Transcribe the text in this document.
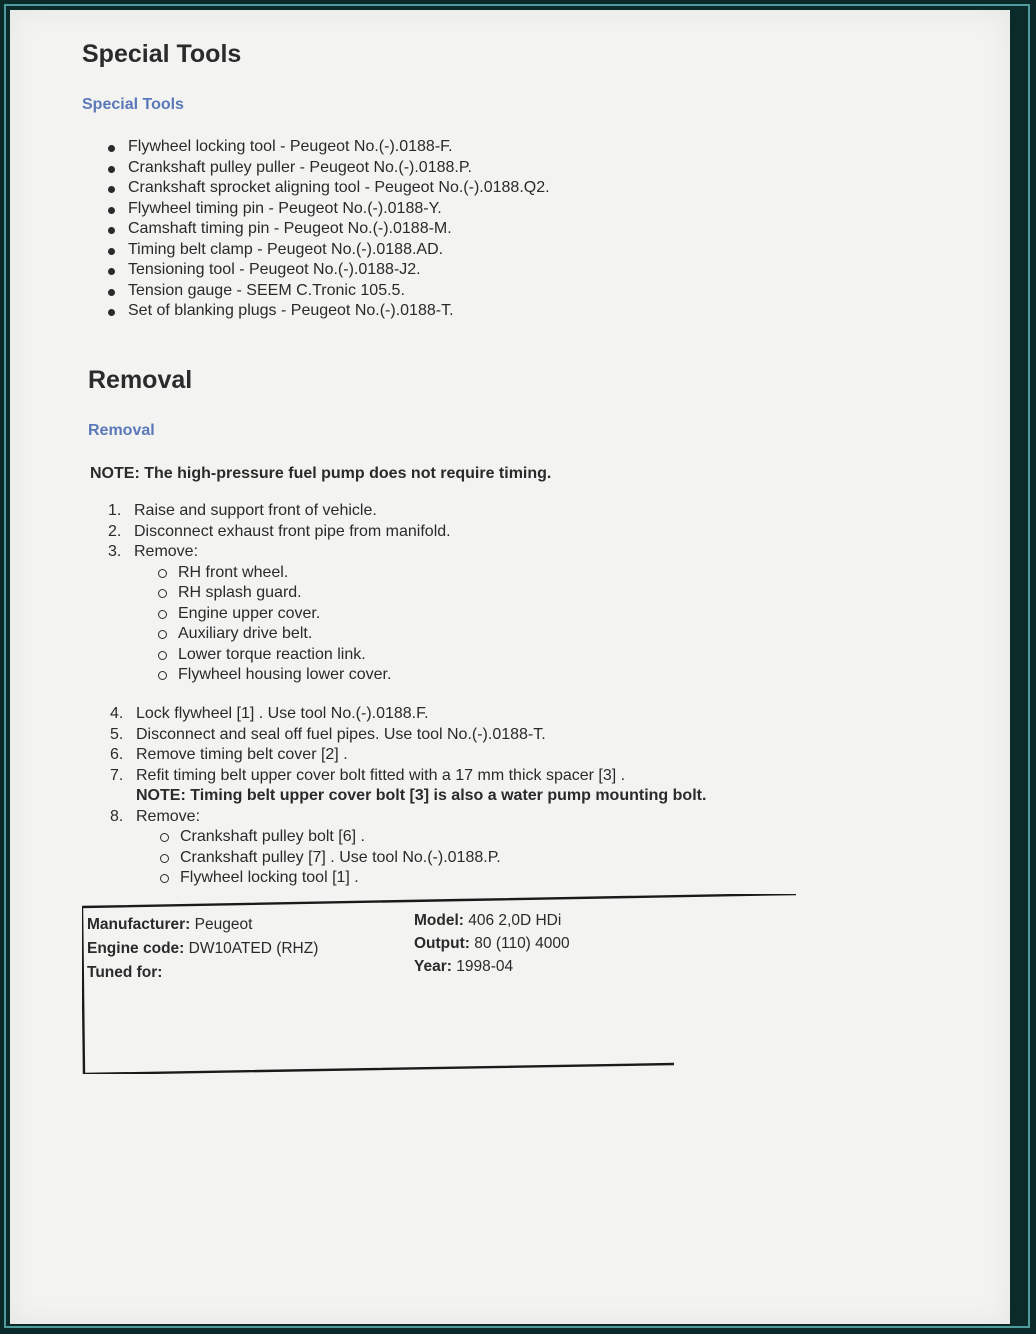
Special Tools
Special Tools
Flywheel locking tool - Peugeot No.(-).0188-F.
Crankshaft pulley puller - Peugeot No.(-).0188.P.
Crankshaft sprocket aligning tool - Peugeot No.(-).0188.Q2.
Flywheel timing pin - Peugeot No.(-).0188-Y.
Camshaft timing pin - Peugeot No.(-).0188-M.
Timing belt clamp - Peugeot No.(-).0188.AD.
Tensioning tool - Peugeot No.(-).0188-J2.
Tension gauge - SEEM C.Tronic 105.5.
Set of blanking plugs - Peugeot No.(-).0188-T.
Removal
Removal
NOTE: The high-pressure fuel pump does not require timing.
1. Raise and support front of vehicle.
2. Disconnect exhaust front pipe from manifold.
3. Remove:
RH front wheel.
RH splash guard.
Engine upper cover.
Auxiliary drive belt.
Lower torque reaction link.
Flywheel housing lower cover.
4. Lock flywheel [1] . Use tool No.(-).0188.F.
5. Disconnect and seal off fuel pipes. Use tool No.(-).0188-T.
6. Remove timing belt cover [2] .
7. Refit timing belt upper cover bolt fitted with a 17 mm thick spacer [3] .
NOTE: Timing belt upper cover bolt [3] is also a water pump mounting bolt.
8. Remove:
Crankshaft pulley bolt [6] .
Crankshaft pulley [7] . Use tool No.(-).0188.P.
Flywheel locking tool [1] .
Manufacturer: Peugeot
Engine code: DW10ATED (RHZ)
Tuned for:
Model: 406 2,0D HDi
Output: 80 (110) 4000
Year: 1998-04
